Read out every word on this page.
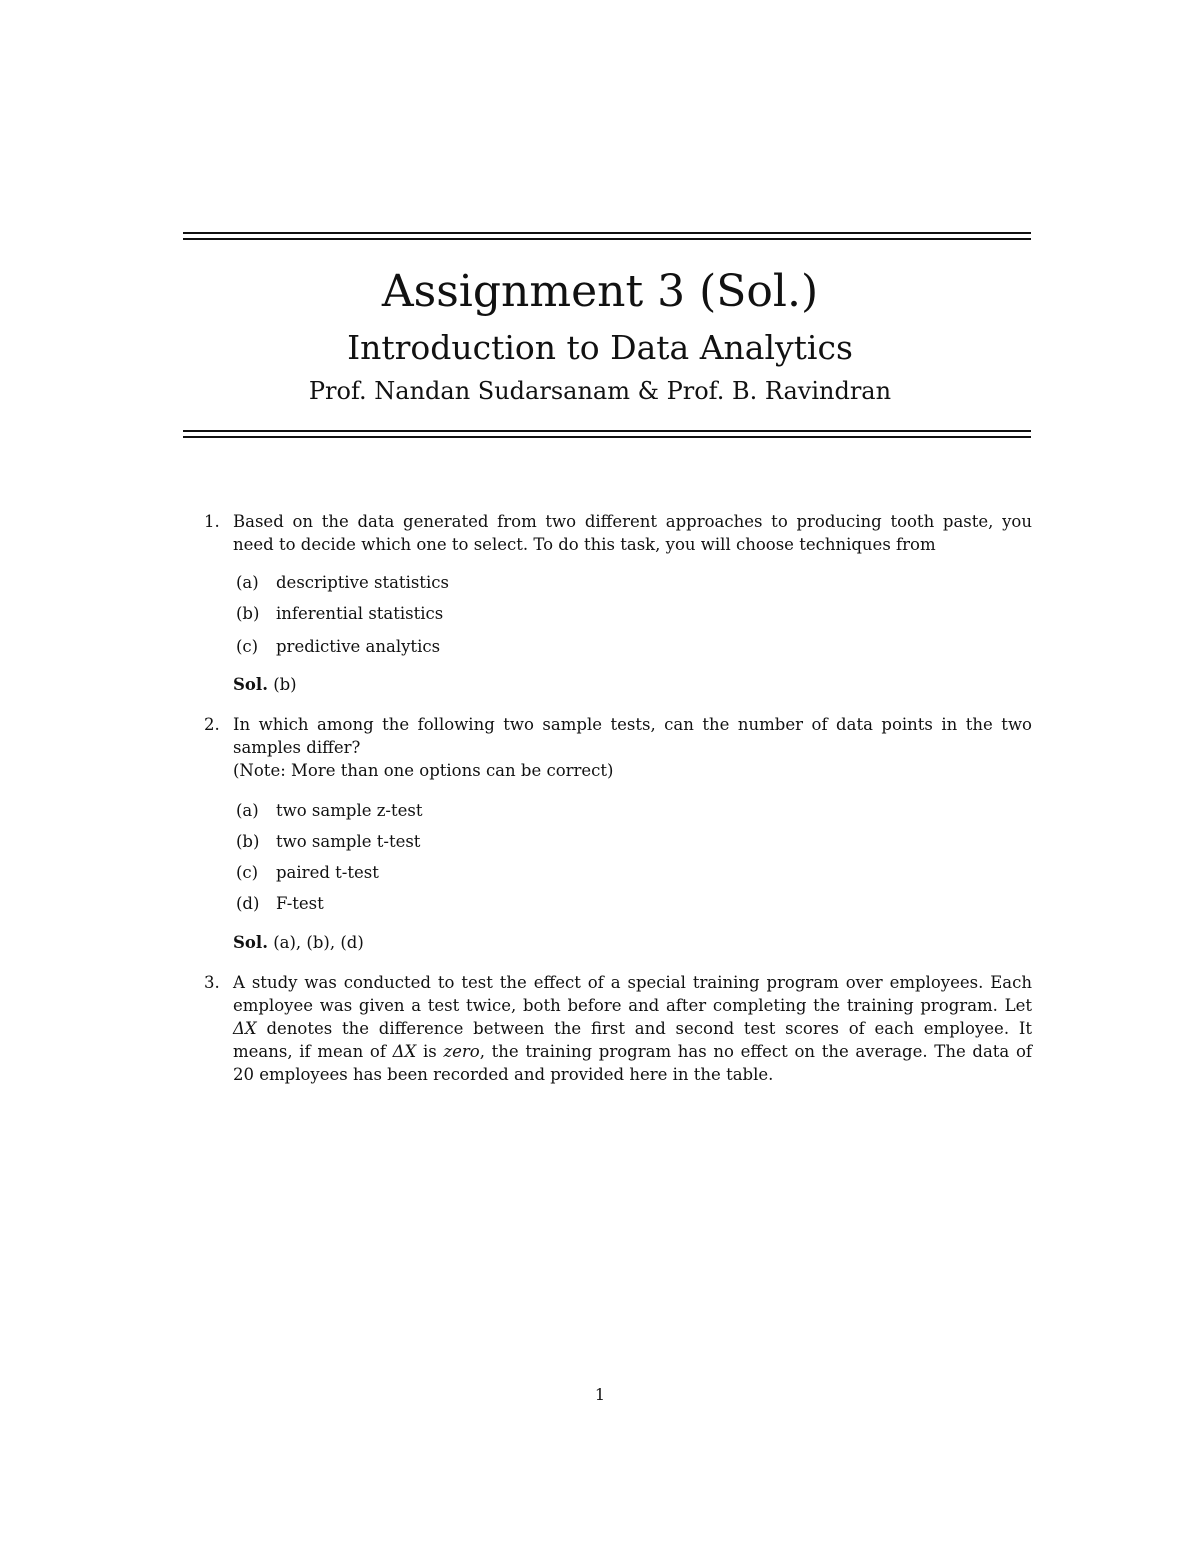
Assignment 3 (Sol.)
Introduction to Data Analytics
Prof. Nandan Sudarsanam & Prof. B. Ravindran
1. Based on the data generated from two different approaches to producing tooth paste, you need to decide which one to select. To do this task, you will choose techniques from
(a) descriptive statistics
(b) inferential statistics
(c) predictive analytics
Sol. (b)
2. In which among the following two sample tests, can the number of data points in the two samples differ?
(Note: More than one options can be correct)
(a) two sample z-test
(b) two sample t-test
(c) paired t-test
(d) F-test
Sol. (a), (b), (d)
3. A study was conducted to test the effect of a special training program over employees. Each employee was given a test twice, both before and after completing the training program. Let ΔX denotes the difference between the first and second test scores of each employee. It means, if mean of ΔX is zero, the training program has no effect on the average. The data of 20 employees has been recorded and provided here in the table.
1
